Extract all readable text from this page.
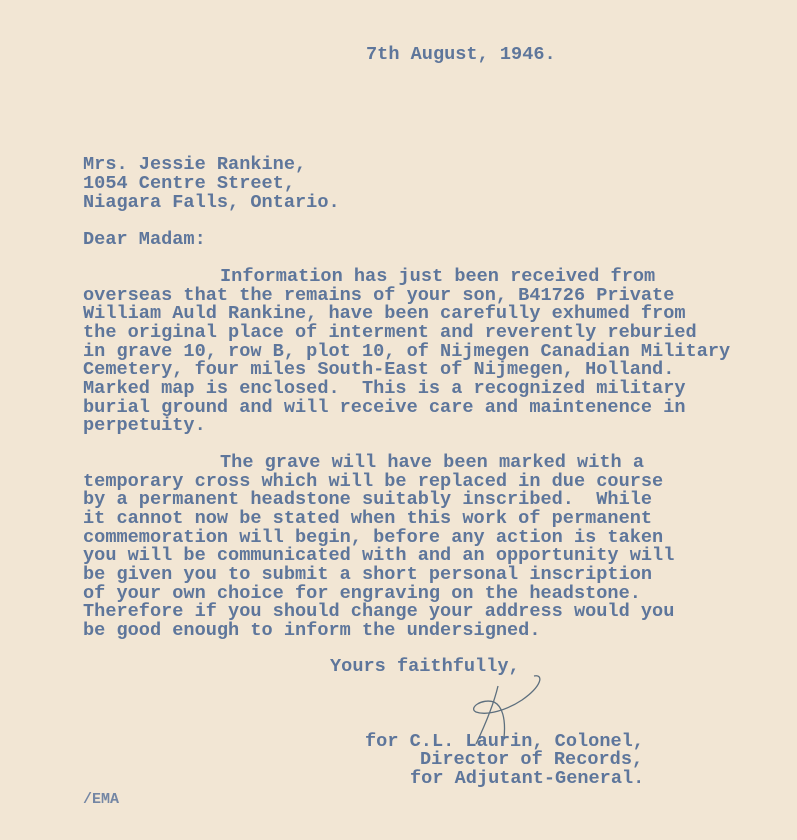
7th August, 1946.
Mrs. Jessie Rankine,
1054 Centre Street,
Niagara Falls, Ontario.
Dear Madam:
Information has just been received from
overseas that the remains of your son, B41726 Private
William Auld Rankine, have been carefully exhumed from
the original place of interment and reverently reburied
in grave 10, row B, plot 10, of Nijmegen Canadian Military
Cemetery, four miles South-East of Nijmegen, Holland.
Marked map is enclosed.  This is a recognized military
burial ground and will receive care and maintenence in
perpetuity.
The grave will have been marked with a
temporary cross which will be replaced in due course
by a permanent headstone suitably inscribed.  While
it cannot now be stated when this work of permanent
commemoration will begin, before any action is taken
you will be communicated with and an opportunity will
be given you to submit a short personal inscription
of your own choice for engraving on the headstone.
Therefore if you should change your address would you
be good enough to inform the undersigned.
Yours faithfully,
for C.L. Laurin, Colonel,
Director of Records,
for Adjutant-General.
/EMA
